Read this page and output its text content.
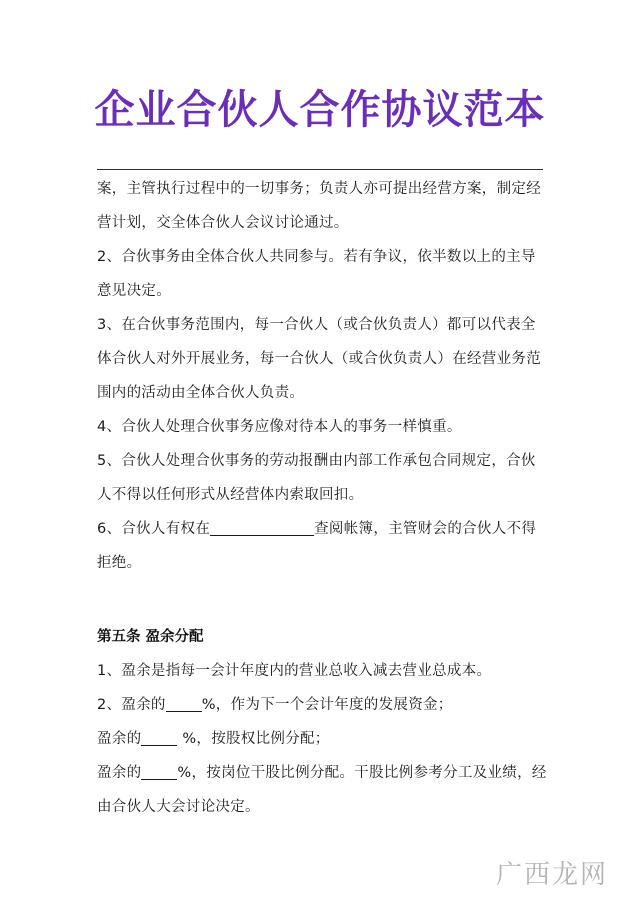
企业合伙人合作协议范本

案，主管执行过程中的一切事务；负责人亦可提出经营方案，制定经

营计划，交全体合伙人会议讨论通过。

2、合伙事务由全体合伙人共同参与。若有争议，依半数以上的主导

意见决定。

3、在合伙事务范围内，每一合伙人（或合伙负责人）都可以代表全

体合伙人对外开展业务，每一合伙人（或合伙负责人）在经营业务范

围内的活动由全体合伙人负责。

4、合伙人处理合伙事务应像对待本人的事务一样慎重。

5、合伙人处理合伙事务的劳动报酬由内部工作承包合同规定，合伙

人不得以任何形式从经营体内索取回扣。

6、合伙人有权在	查阅帐簿，主管财会的合伙人不得

拒绝。

第五条 盈余分配

1、盈余是指每一会计年度内的营业总收入减去营业总成本。

2、盈余的 %，作为下一个会计年度的发展资金；

盈余的 %，按股权比例分配；

盈余的 %，按岗位干股比例分配。干股比例参考分工及业绩，经

由合伙人大会讨论决定。

广西龙网
